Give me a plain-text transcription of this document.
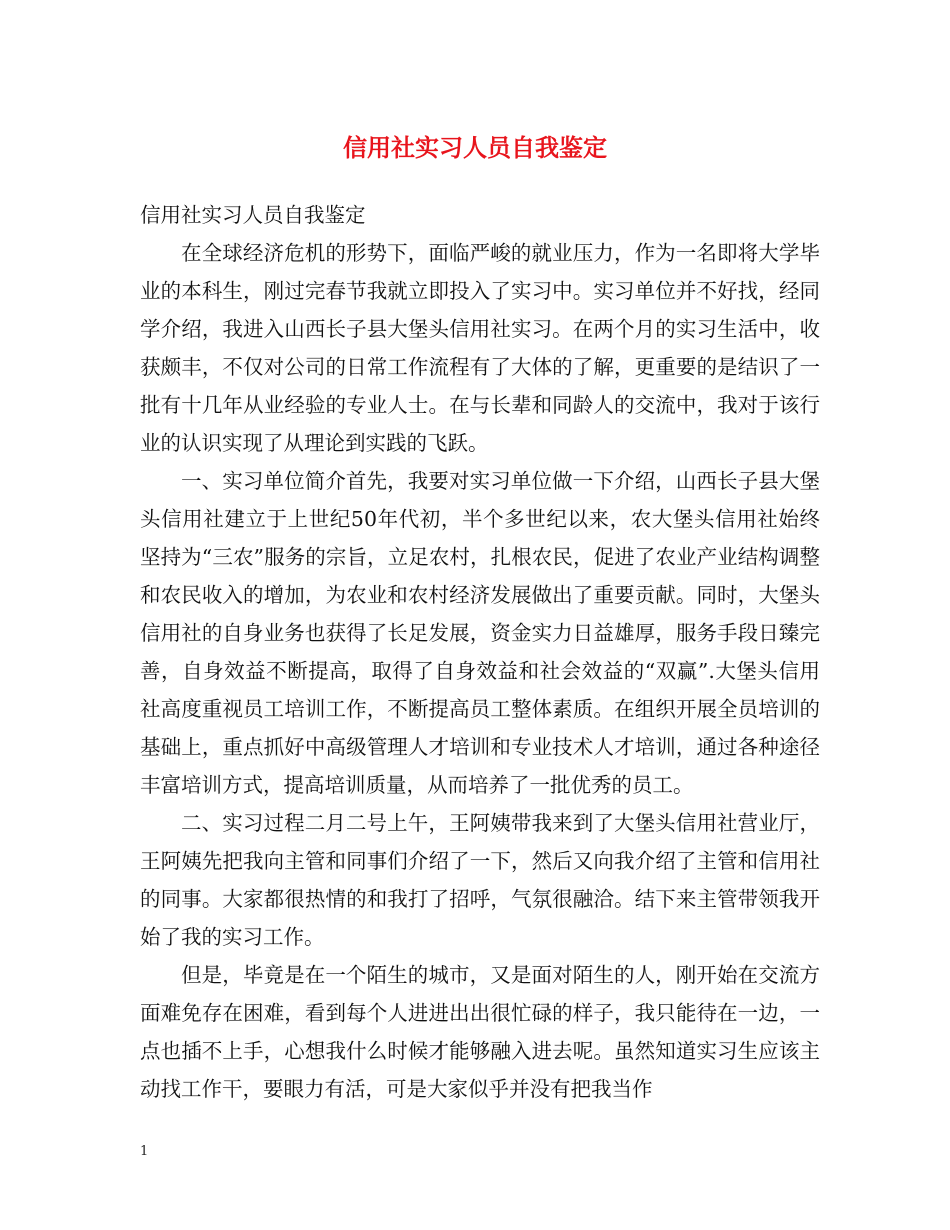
信用社实习人员自我鉴定

信用社实习人员自我鉴定

在全球经济危机的形势下，面临严峻的就业压力，作为一名即将大学毕业的本科生，刚过完春节我就立即投入了实习中。实习单位并不好找，经同学介绍，我进入山西长子县大堡头信用社实习。在两个月的实习生活中，收获颇丰，不仅对公司的日常工作流程有了大体的了解，更重要的是结识了一批有十几年从业经验的专业人士。在与长辈和同龄人的交流中，我对于该行业的认识实现了从理论到实践的飞跃。

一、实习单位简介首先，我要对实习单位做一下介绍，山西长子县大堡头信用社建立于上世纪50年代初，半个多世纪以来，农大堡头信用社始终坚持为“三农”服务的宗旨，立足农村，扎根农民，促进了农业产业结构调整和农民收入的增加，为农业和农村经济发展做出了重要贡献。同时，大堡头信用社的自身业务也获得了长足发展，资金实力日益雄厚，服务手段日臻完善，自身效益不断提高，取得了自身效益和社会效益的“双赢”.大堡头信用社高度重视员工培训工作，不断提高员工整体素质。在组织开展全员培训的基础上，重点抓好中高级管理人才培训和专业技术人才培训，通过各种途径丰富培训方式，提高培训质量，从而培养了一批优秀的员工。

二、实习过程二月二号上午，王阿姨带我来到了大堡头信用社营业厅，王阿姨先把我向主管和同事们介绍了一下，然后又向我介绍了主管和信用社的同事。大家都很热情的和我打了招呼，气氛很融洽。结下来主管带领我开始了我的实习工作。

但是，毕竟是在一个陌生的城市，又是面对陌生的人，刚开始在交流方面难免存在困难，看到每个人进进出出很忙碌的样子，我只能待在一边，一点也插不上手，心想我什么时候才能够融入进去呢。虽然知道实习生应该主动找工作干，要眼力有活，可是大家似乎并没有把我当作

1
